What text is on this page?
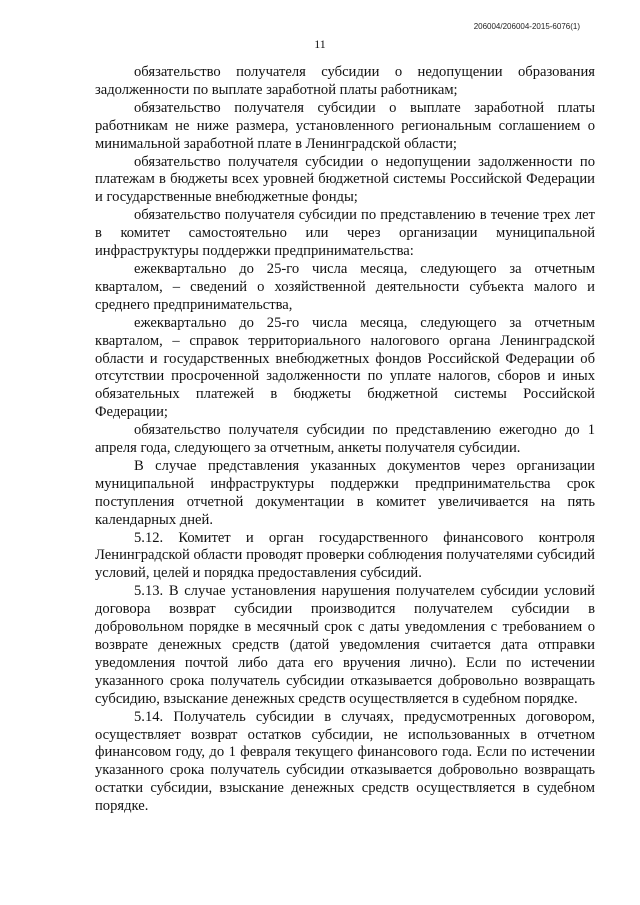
206004/206004-2015-6076(1)
11

обязательство получателя субсидии о недопущении образования задолженности по выплате заработной платы работникам;

обязательство получателя субсидии о выплате заработной платы работникам не ниже размера, установленного региональным соглашением о минимальной заработной плате в Ленинградской области;

обязательство получателя субсидии о недопущении задолженности по платежам в бюджеты всех уровней бюджетной системы Российской Федерации и государственные внебюджетные фонды;

обязательство получателя субсидии по представлению в течение трех лет в комитет самостоятельно или через организации муниципальной инфраструктуры поддержки предпринимательства:

ежеквартально до 25-го числа месяца, следующего за отчетным кварталом, – сведений о хозяйственной деятельности субъекта малого и среднего предпринимательства,

ежеквартально до 25-го числа месяца, следующего за отчетным кварталом, – справок территориального налогового органа Ленинградской области и государственных внебюджетных фондов Российской Федерации об отсутствии просроченной задолженности по уплате налогов, сборов и иных обязательных платежей в бюджеты бюджетной системы Российской Федерации;

обязательство получателя субсидии по представлению ежегодно до 1 апреля года, следующего за отчетным, анкеты получателя субсидии.

В случае представления указанных документов через организации муниципальной инфраструктуры поддержки предпринимательства срок поступления отчетной документации в комитет увеличивается на пять календарных дней.

5.12. Комитет и орган государственного финансового контроля Ленинградской области проводят проверки соблюдения получателями субсидий условий, целей и порядка предоставления субсидий.

5.13. В случае установления нарушения получателем субсидии условий договора возврат субсидии производится получателем субсидии в добровольном порядке в месячный срок с даты уведомления с требованием о возврате денежных средств (датой уведомления считается дата отправки уведомления почтой либо дата его вручения лично). Если по истечении указанного срока получатель субсидии отказывается добровольно возвращать субсидию, взыскание денежных средств осуществляется в судебном порядке.

5.14. Получатель субсидии в случаях, предусмотренных договором, осуществляет возврат остатков субсидии, не использованных в отчетном финансовом году, до 1 февраля текущего финансового года. Если по истечении указанного срока получатель субсидии отказывается добровольно возвращать остатки субсидии, взыскание денежных средств осуществляется в судебном порядке.
